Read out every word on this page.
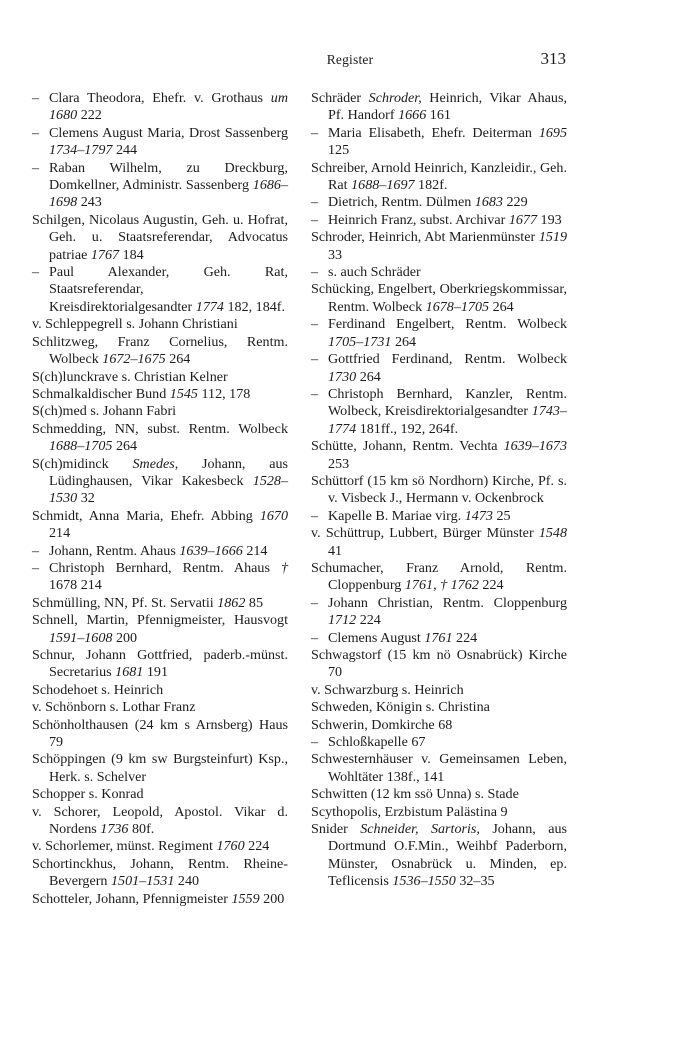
Register	313

– Clara Theodora, Ehefr. v. Grothaus um 1680 222

– Clemens August Maria, Drost Sassenberg 1734–1797 244

– Raban Wilhelm, zu Dreckburg, Domkellner, Administr. Sassenberg 1686–1698 243

Schilgen, Nicolaus Augustin, Geh. u. Hofrat, Geh. u. Staatsreferendar, Advocatus patriae 1767 184

– Paul Alexander, Geh. Rat, Staatsreferendar, Kreisdirektorialgesandter 1774 182, 184f.

v. Schleppegrell s. Johann Christiani

Schlitzweg, Franz Cornelius, Rentm. Wolbeck 1672–1675 264

S(ch)lunckrave s. Christian Kelner

Schmalkaldischer Bund 1545 112, 178

S(ch)med s. Johann Fabri

Schmedding, NN, subst. Rentm. Wolbeck 1688–1705 264

S(ch)midinck Smedes, Johann, aus Lüdinghausen, Vikar Kakesbeck 1528–1530 32

Schmidt, Anna Maria, Ehefr. Abbing 1670 214

– Johann, Rentm. Ahaus 1639–1666 214

– Christoph Bernhard, Rentm. Ahaus † 1678 214

Schmülling, NN, Pf. St. Servatii 1862 85

Schnell, Martin, Pfennigmeister, Hausvogt 1591–1608 200

Schnur, Johann Gottfried, paderb.-münst. Secretarius 1681 191

Schodehoet s. Heinrich

v. Schönborn s. Lothar Franz

Schönholthausen (24 km s Arnsberg) Haus 79

Schöppingen (9 km sw Burgsteinfurt) Ksp., Herk. s. Schelver

Schopper s. Konrad

v. Schorer, Leopold, Apostol. Vikar d. Nordens 1736 80f.

v. Schorlemer, münst. Regiment 1760 224

Schortinckhus, Johann, Rentm. Rheine-Bevergern 1501–1531 240

Schotteler, Johann, Pfennigmeister 1559 200

Schräder Schroder, Heinrich, Vikar Ahaus, Pf. Handorf 1666 161

– Maria Elisabeth, Ehefr. Deiterman 1695 125

Schreiber, Arnold Heinrich, Kanzleidir., Geh. Rat 1688–1697 182f.

– Dietrich, Rentm. Dülmen 1683 229

– Heinrich Franz, subst. Archivar 1677 193

Schroder, Heinrich, Abt Marienmünster 1519 33

– s. auch Schräder

Schücking, Engelbert, Oberkriegskommissar, Rentm. Wolbeck 1678–1705 264

– Ferdinand Engelbert, Rentm. Wolbeck 1705–1731 264

– Gottfried Ferdinand, Rentm. Wolbeck 1730 264

– Christoph Bernhard, Kanzler, Rentm. Wolbeck, Kreisdirektorialgesandter 1743–1774 181ff., 192, 264f.

Schütte, Johann, Rentm. Vechta 1639–1673 253

Schüttorf (15 km sö Nordhorn) Kirche, Pf. s. v. Visbeck J., Hermann v. Ockenbrock

– Kapelle B. Mariae virg. 1473 25

v. Schüttrup, Lubbert, Bürger Münster 1548 41

Schumacher, Franz Arnold, Rentm. Cloppenburg 1761, † 1762 224

– Johann Christian, Rentm. Cloppenburg 1712 224

– Clemens August 1761 224

Schwagstorf (15 km nö Osnabrück) Kirche 70

v. Schwarzburg s. Heinrich

Schweden, Königin s. Christina

Schwerin, Domkirche 68

– Schloßkapelle 67

Schwesternhäuser v. Gemeinsamen Leben, Wohltäter 138f., 141

Schwitten (12 km ssö Unna) s. Stade

Scythopolis, Erzbistum Palästina 9

Snider Schneider, Sartoris, Johann, aus Dortmund O.F.Min., Weihbf Paderborn, Münster, Osnabrück u. Minden, ep. Teflicensis 1536–1550 32–35
